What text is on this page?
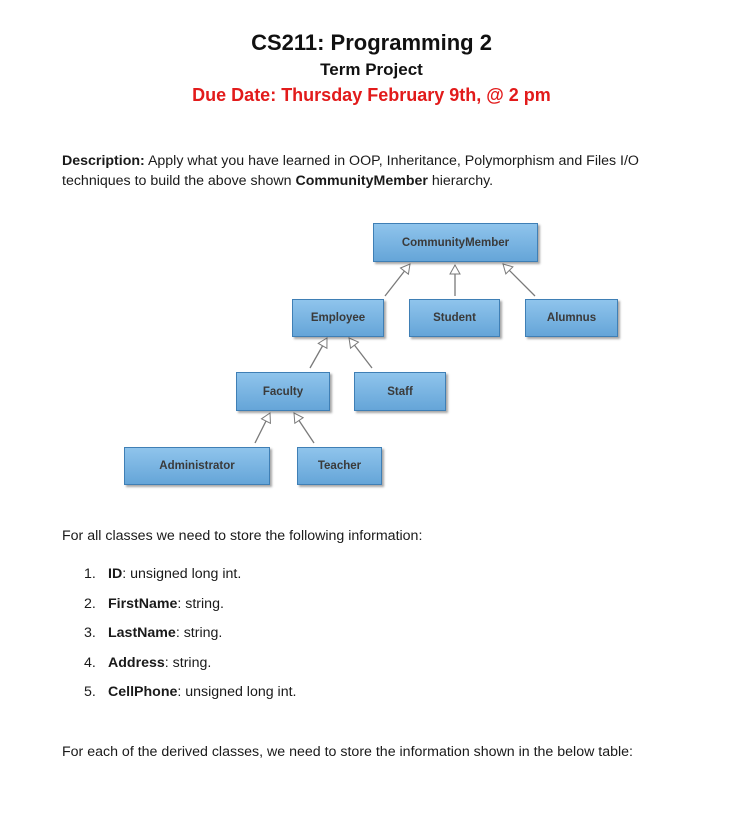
CS211: Programming 2
Term Project
Due Date: Thursday February 9th, @ 2 pm

Description: Apply what you have learned in OOP, Inheritance, Polymorphism and Files I/O techniques to build the above shown CommunityMember hierarchy.

CommunityMember
Employee	Student	Alumnus
Faculty	Staff
Administrator	Teacher

For all classes we need to store the following information:

1. ID : unsigned long int.
2. FirstName : string.
3. LastName : string.
4. Address : string.
5. CellPhone : unsigned long int.

For each of the derived classes, we need to store the information shown in the below table:
